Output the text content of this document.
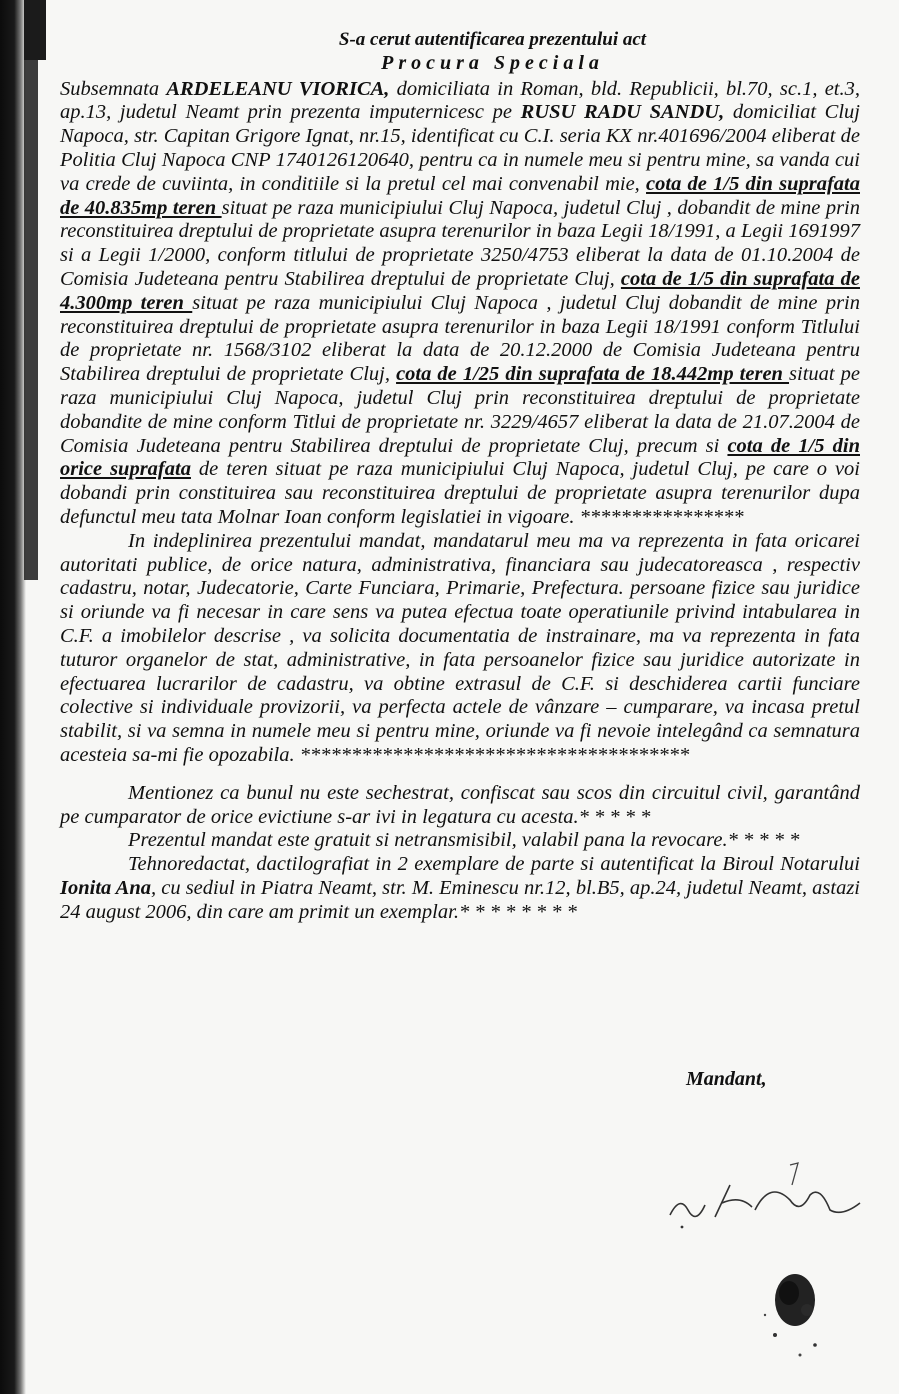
S-a cerut autentificarea prezentului act
Procura Speciala

Subsemnata ARDELEANU VIORICA, domiciliata in Roman, bld. Republicii, bl.70, sc.1, et.3, ap.13, judetul Neamt prin prezenta imputernicesc pe RUSU RADU SANDU, domiciliat Cluj Napoca, str. Capitan Grigore Ignat, nr.15, identificat cu C.I. seria KX nr.401696/2004 eliberat de Politia Cluj Napoca CNP 1740126120640, pentru ca in numele meu si pentru mine, sa vanda cui va crede de cuviinta, in conditiile si la pretul cel mai convenabil mie, cota de 1/5 din suprafata de 40.835mp teren situat pe raza municipiului Cluj Napoca, judetul Cluj , dobandit de mine prin reconstituirea dreptului de proprietate asupra terenurilor in baza Legii 18/1991, a Legii 1691997 si a Legii 1/2000, conform titlului de proprietate 3250/4753 eliberat la data de 01.10.2004 de Comisia Judeteana pentru Stabilirea dreptului de proprietate Cluj, cota de 1/5 din suprafata de 4.300mp teren situat pe raza municipiului Cluj Napoca , judetul Cluj dobandit de mine prin reconstituirea dreptului de proprietate asupra terenurilor in baza Legii 18/1991 conform Titlului de proprietate nr. 1568/3102 eliberat la data de 20.12.2000 de Comisia Judeteana pentru Stabilirea dreptului de proprietate Cluj, cota de 1/25 din suprafata de 18.442mp teren situat pe raza municipiului Cluj Napoca, judetul Cluj prin reconstituirea dreptului de proprietate dobandite de mine conform Titlui de proprietate nr. 3229/4657 eliberat la data de 21.07.2004 de Comisia Judeteana pentru Stabilirea dreptului de proprietate Cluj, precum si cota de 1/5 din orice suprafata de teren situat pe raza municipiului Cluj Napoca, judetul Cluj, pe care o voi dobandi prin constituirea sau reconstituirea dreptului de proprietate asupra terenurilor dupa defunctul meu tata Molnar Ioan conform legislatiei in vigoare. ****************

In indeplinirea prezentului mandat, mandatarul meu ma va reprezenta in fata oricarei autoritati publice, de orice natura, administrativa, financiara sau judecatoreasca , respectiv cadastru, notar, Judecatorie, Carte Funciara, Primarie, Prefectura. persoane fizice sau juridice si oriunde va fi necesar in care sens va putea efectua toate operatiunile privind intabularea in C.F. a imobilelor descrise , va solicita documentatia de instrainare, ma va reprezenta in fata tuturor organelor de stat, administrative, in fata persoanelor fizice sau juridice autorizate in efectuarea lucrarilor de cadastru, va obtine extrasul de C.F. si deschiderea cartii funciare colective si individuale provizorii, va perfecta actele de vânzare – cumparare, va incasa pretul stabilit, si va semna in numele meu si pentru mine, oriunde va fi nevoie intelegând ca semnatura acesteia sa-mi fie opozabila. **************************************

Mentionez ca bunul nu este sechestrat, confiscat sau scos din circuitul civil, garantând pe cumparator de orice evictiune s-ar ivi in legatura cu acesta.* * * * *

Prezentul mandat este gratuit si netransmisibil, valabil pana la revocare.* * * * *

Tehnoredactat, dactilografiat in 2 exemplare de parte si autentificat la Biroul Notarului Ionita Ana, cu sediul in Piatra Neamt, str. M. Eminescu nr.12, bl.B5, ap.24, judetul Neamt, astazi 24 august 2006, din care am primit un exemplar.* * * * * * * *

Mandant,
